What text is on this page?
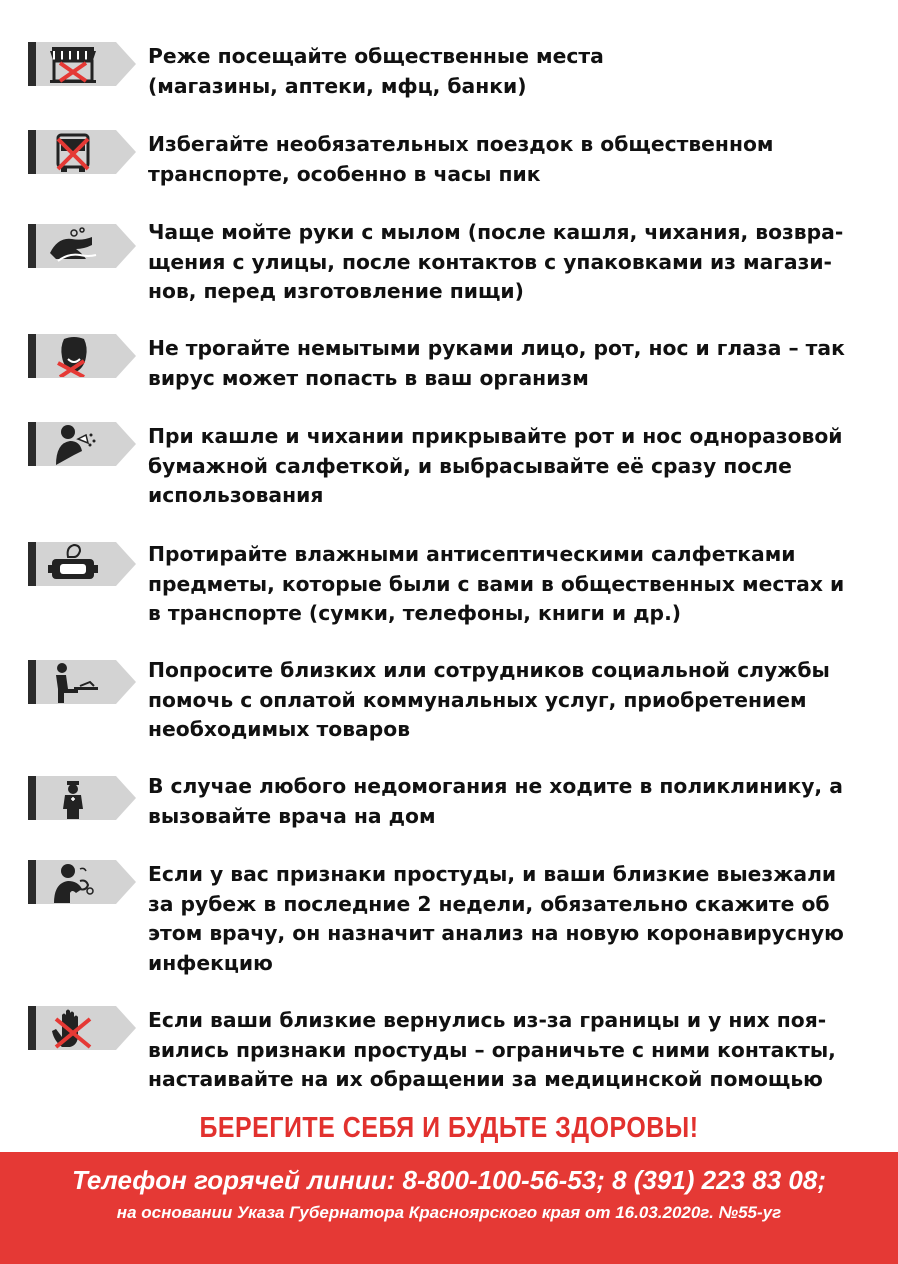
Реже посещайте общественные места
(магазины, аптеки, мфц, банки)
Избегайте необязательных поездок в общественном
транспорте, особенно в часы пик
Чаще мойте руки с мылом (после кашля, чихания, возвра-
щения с улицы, после контактов с упаковками из магази-
нов, перед изготовление пищи)
Не трогайте немытыми руками лицо, рот, нос и глаза – так
вирус может попасть в ваш организм
При кашле и чихании прикрывайте рот и нос одноразовой
бумажной салфеткой, и выбрасывайте её сразу после
использования
Протирайте влажными антисептическими салфетками
предметы, которые были с вами в общественных местах и
в транспорте (сумки, телефоны, книги и др.)
Попросите близких или сотрудников социальной службы
помочь с оплатой коммунальных услуг, приобретением
необходимых товаров
В случае любого недомогания не ходите в поликлинику, а
вызовайте врача на дом
Если у вас признаки простуды, и ваши близкие выезжали
за рубеж в последние 2 недели, обязательно скажите об
этом врачу, он назначит анализ на новую коронавирусную
инфекцию
Если ваши близкие вернулись из-за границы и у них поя-
вились признаки простуды – ограничьте с ними контакты,
настаивайте на их обращении за медицинской помощью
БЕРЕГИТЕ СЕБЯ И БУДЬТЕ ЗДОРОВЫ!
Телефон горячей линии: 8-800-100-56-53; 8 (391) 223 83 08;
на основании Указа Губернатора Красноярского края от 16.03.2020г. №55-уг
